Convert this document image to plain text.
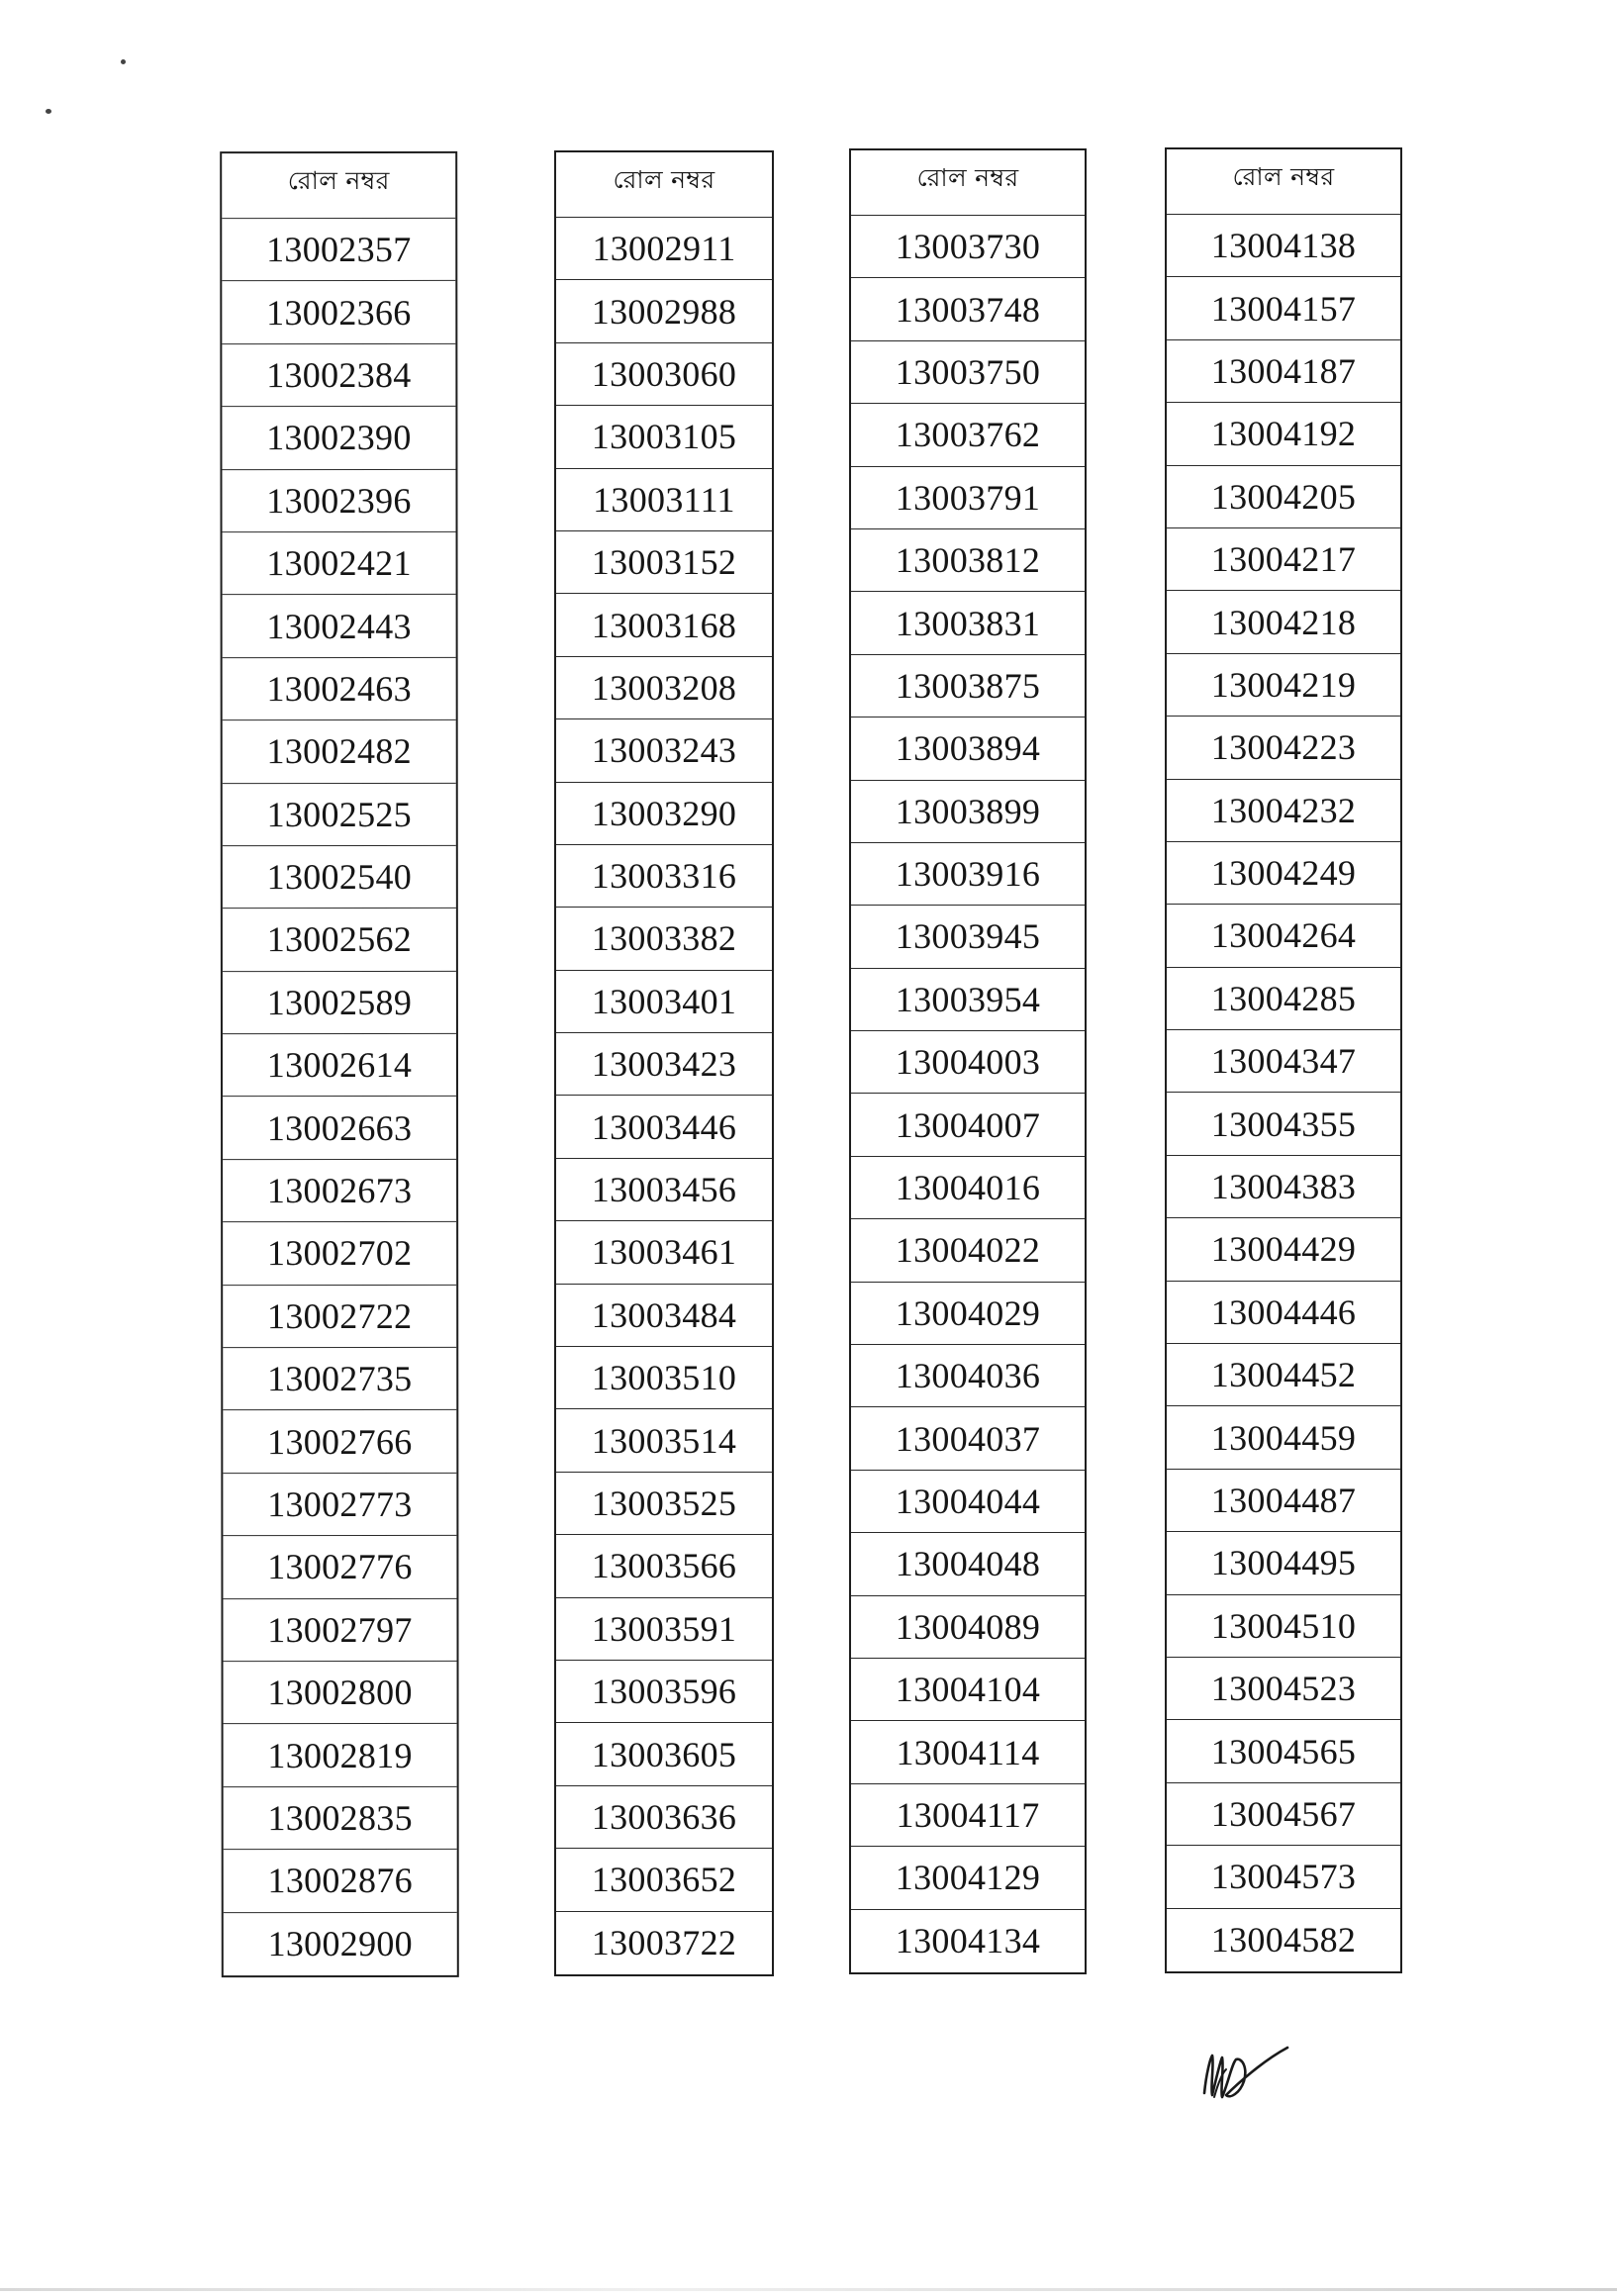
রোল নম্বর
13002357
13002366
13002384
13002390
13002396
13002421
13002443
13002463
13002482
13002525
13002540
13002562
13002589
13002614
13002663
13002673
13002702
13002722
13002735
13002766
13002773
13002776
13002797
13002800
13002819
13002835
13002876
13002900
রোল নম্বর
13002911
13002988
13003060
13003105
13003111
13003152
13003168
13003208
13003243
13003290
13003316
13003382
13003401
13003423
13003446
13003456
13003461
13003484
13003510
13003514
13003525
13003566
13003591
13003596
13003605
13003636
13003652
13003722
রোল নম্বর
13003730
13003748
13003750
13003762
13003791
13003812
13003831
13003875
13003894
13003899
13003916
13003945
13003954
13004003
13004007
13004016
13004022
13004029
13004036
13004037
13004044
13004048
13004089
13004104
13004114
13004117
13004129
13004134
রোল নম্বর
13004138
13004157
13004187
13004192
13004205
13004217
13004218
13004219
13004223
13004232
13004249
13004264
13004285
13004347
13004355
13004383
13004429
13004446
13004452
13004459
13004487
13004495
13004510
13004523
13004565
13004567
13004573
13004582
